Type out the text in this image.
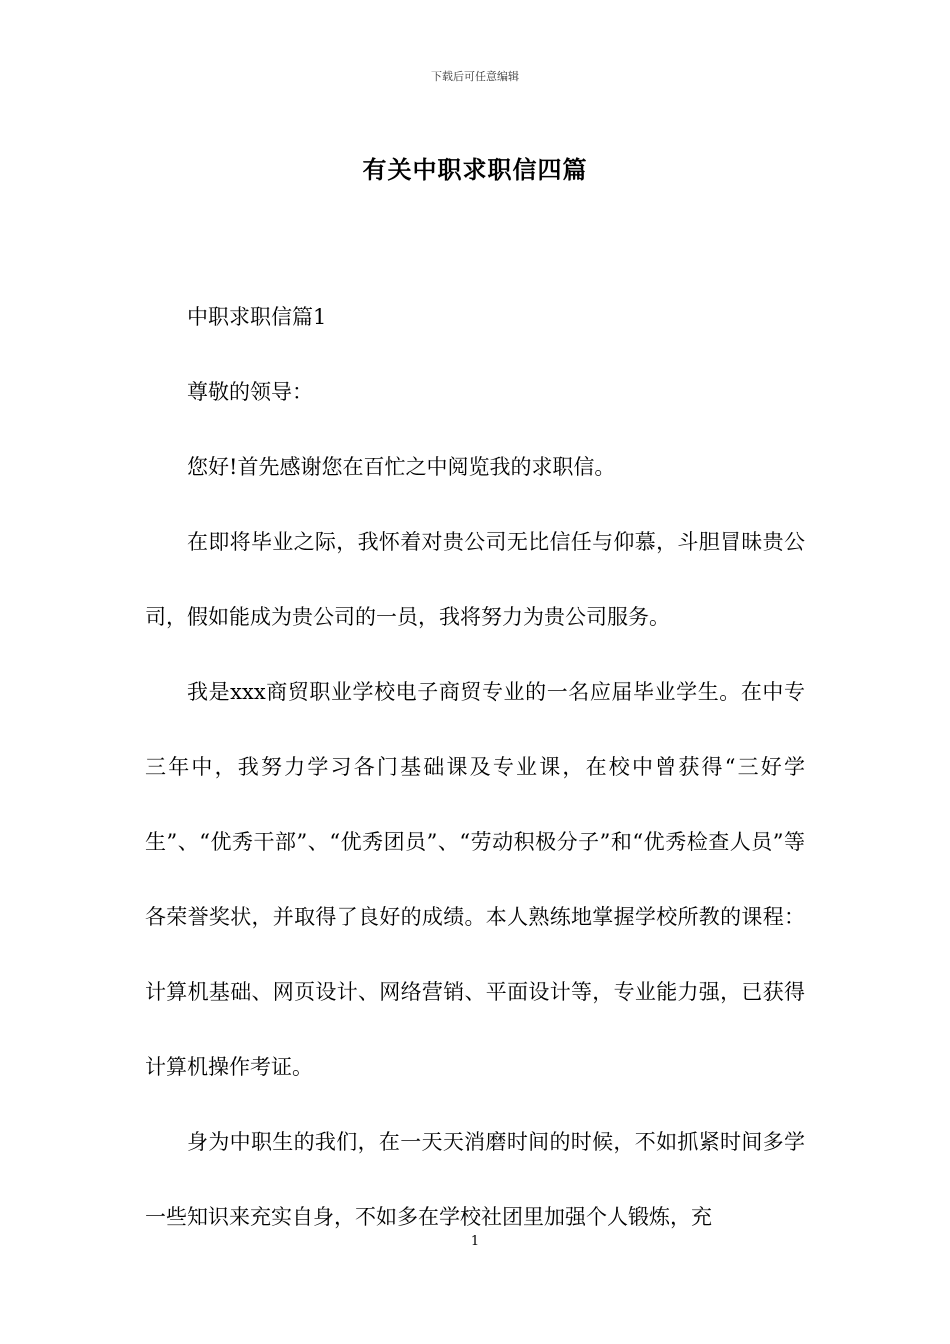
下载后可任意编辑
有关中职求职信四篇

中职求职信篇1

尊敬的领导：

您好!首先感谢您在百忙之中阅览我的求职信。

在即将毕业之际，我怀着对贵公司无比信任与仰慕，斗胆冒昧贵公司，假如能成为贵公司的一员，我将努力为贵公司服务。

我是xxx商贸职业学校电子商贸专业的一名应届毕业学生。在中专三年中，我努力学习各门基础课及专业课，在校中曾获得“三好学生”、“优秀干部”、“优秀团员”、“劳动积极分子”和“优秀检查人员”等各荣誉奖状，并取得了良好的成绩。本人熟练地掌握学校所教的课程：计算机基础、网页设计、网络营销、平面设计等，专业能力强，已获得计算机操作考证。

身为中职生的我们，在一天天消磨时间的时候，不如抓紧时间多学一些知识来充实自身，不如多在学校社团里加强个人锻炼，充

1
